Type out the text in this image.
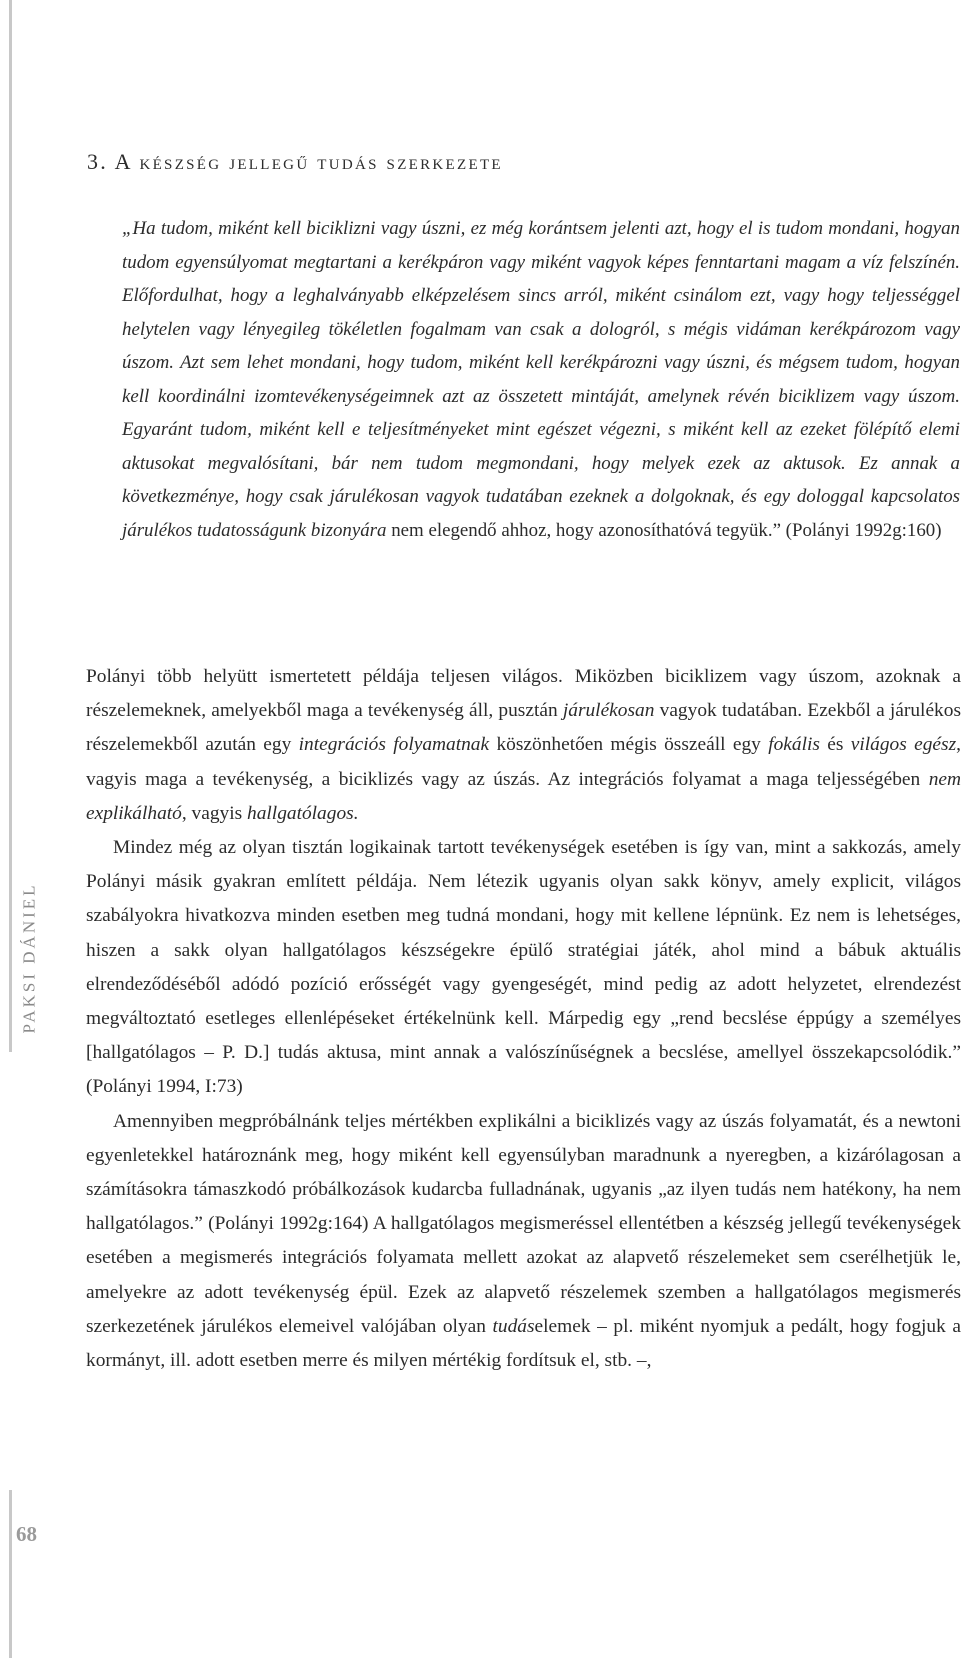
PAKSI DÁNIEL
68
3. A készség jellegű tudás szerkezete

„Ha tudom, miként kell biciklizni vagy úszni, ez még korántsem jelenti azt, hogy el is tudom mondani, hogyan tudom egyensúlyomat megtartani a kerékpáron vagy miként vagyok képes fenntartani magam a víz felszínén. Előfordulhat, hogy a leghalványabb elképzelésem sincs arról, miként csinálom ezt, vagy hogy teljességgel helytelen vagy lényegileg tökéletlen fogalmam van csak a dologról, s mégis vidáman kerékpározom vagy úszom. Azt sem lehet mondani, hogy tudom, miként kell kerékpározni vagy úszni, és mégsem tudom, hogyan kell koordinálni izomtevékenységeimnek azt az összetett mintáját, amelynek révén biciklizem vagy úszom. Egyaránt tudom, miként kell e teljesítményeket mint egészet végezni, s miként kell az ezeket fölépítő elemi aktusokat megvalósítani, bár nem tudom megmondani, hogy melyek ezek az aktusok. Ez annak a következménye, hogy csak járulékosan vagyok tudatában ezeknek a dolgoknak, és egy dologgal kapcsolatos járulékos tudatosságunk bizonyára nem elegendő ahhoz, hogy azonosíthatóvá tegyük.” (Polányi 1992g:160)

Polányi több helyütt ismertetett példája teljesen világos. Miközben biciklizem vagy úszom, azoknak a részelemeknek, amelyekből maga a tevékenység áll, pusztán járulékosan vagyok tudatában. Ezekből a járulékos részelemekből azután egy integrációs folyamatnak köszönhetően mégis összeáll egy fokális és világos egész, vagyis maga a tevékenység, a biciklizés vagy az úszás. Az integrációs folyamat a maga teljességében nem explikálható, vagyis hallgatólagos.

Mindez még az olyan tisztán logikainak tartott tevékenységek esetében is így van, mint a sakkozás, amely Polányi másik gyakran említett példája. Nem létezik ugyanis olyan sakk könyv, amely explicit, világos szabályokra hivatkozva minden esetben meg tudná mondani, hogy mit kellene lépnünk. Ez nem is lehetséges, hiszen a sakk olyan hallgatólagos készségekre épülő stratégiai játék, ahol mind a bábuk aktuális elrendeződéséből adódó pozíció erősségét vagy gyengeségét, mind pedig az adott helyzetet, elrendezést megváltoztató esetleges ellenlépéseket értékelnünk kell. Márpedig egy „rend becslése éppúgy a személyes [hallgatólagos – P. D.] tudás aktusa, mint annak a valószínűségnek a becslése, amellyel összekapcsolódik.” (Polányi 1994, I:73)

Amennyiben megpróbálnánk teljes mértékben explikálni a biciklizés vagy az úszás folyamatát, és a newtoni egyenletekkel határoznánk meg, hogy miként kell egyensúlyban maradnunk a nyeregben, a kizárólagosan a számításokra támaszkodó próbálkozások kudarcba fulladnának, ugyanis „az ilyen tudás nem hatékony, ha nem hallgatólagos.” (Polányi 1992g:164) A hallgatólagos megismeréssel ellentétben a készség jellegű tevékenységek esetében a megismerés integrációs folyamata mellett azokat az alapvető részelemeket sem cserélhetjük le, amelyekre az adott tevékenység épül. Ezek az alapvető részelemek szemben a hallgatólagos megismerés szerkezetének járulékos elemeivel valójában olyan tudáselemek – pl. miként nyomjuk a pedált, hogy fogjuk a kormányt, ill. adott esetben merre és milyen mértékig fordítsuk el, stb. –,
